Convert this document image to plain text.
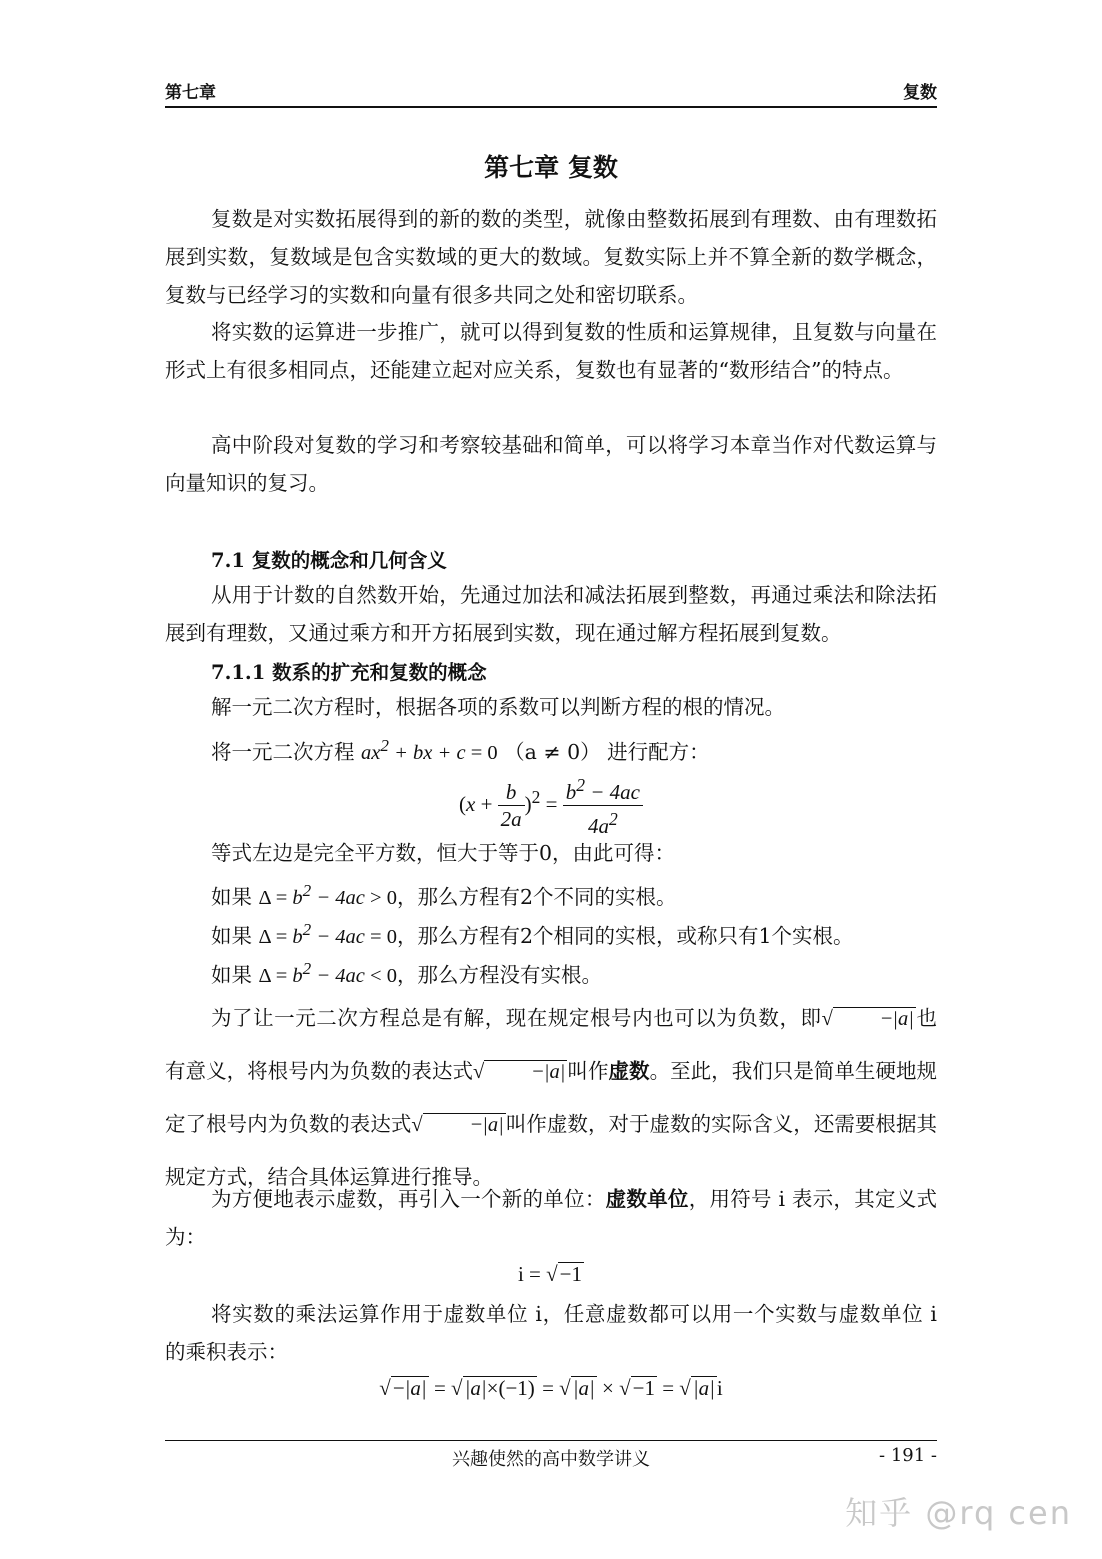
第七章	复数
第七章 复数
复数是对实数拓展得到的新的数的类型，就像由整数拓展到有理数、由有理数拓展到实数，复数域是包含实数域的更大的数域。复数实际上并不算全新的数学概念，复数与已经学习的实数和向量有很多共同之处和密切联系。
将实数的运算进一步推广，就可以得到复数的性质和运算规律，且复数与向量在形式上有很多相同点，还能建立起对应关系，复数也有显著的“数形结合”的特点。
高中阶段对复数的学习和考察较基础和简单，可以将学习本章当作对代数运算与向量知识的复习。
7.1 复数的概念和几何含义
从用于计数的自然数开始，先通过加法和减法拓展到整数，再通过乘法和除法拓展到有理数，又通过乘方和开方拓展到实数，现在通过解方程拓展到复数。
7.1.1 数系的扩充和复数的概念
解一元二次方程时，根据各项的系数可以判断方程的根的情况。
将一元二次方程 $ax^2$ + bx + c = 0 （a ≠ 0） 进行配方：
$(x + \frac{b}{2a} )^2 = \frac{b^2 - 4ac}{4a^2}$
等式左边是完全平方数，恒大于等于0，由此可得：
如果 $\Delta = b^2 - 4ac > 0$，那么方程有2个不同的实根。
如果 $\Delta = b^2 - 4ac = 0$，那么方程有2个相同的实根，或称只有1个实根。
如果 $\Delta = b^2 - 4ac < 0$，那么方程没有实根。
为了让一元二次方程总是有解，现在规定根号内也可以为负数，即√ −|a|也有意义，将根号内为负数的表达式√ −|a|叫作虚数。至此，我们只是简单生硬地规定了根号内为负数的表达式√ −|a|叫作虚数，对于虚数的实际含义，还需要根据其规定方式，结合具体运算进行推导。
为方便地表示虚数，再引入一个新的单位：虚数单位，用符号 i 表示，其定义式为：
i = √−1
将实数的乘法运算作用于虚数单位 i，任意虚数都可以用一个实数与虚数单位 i 的乘积表示：
√−|a| = √|a|×(−1) = √|a| × √−1 = √|a|i
兴趣使然的高中数学讲义	- 191 -
知乎 @rq cen
